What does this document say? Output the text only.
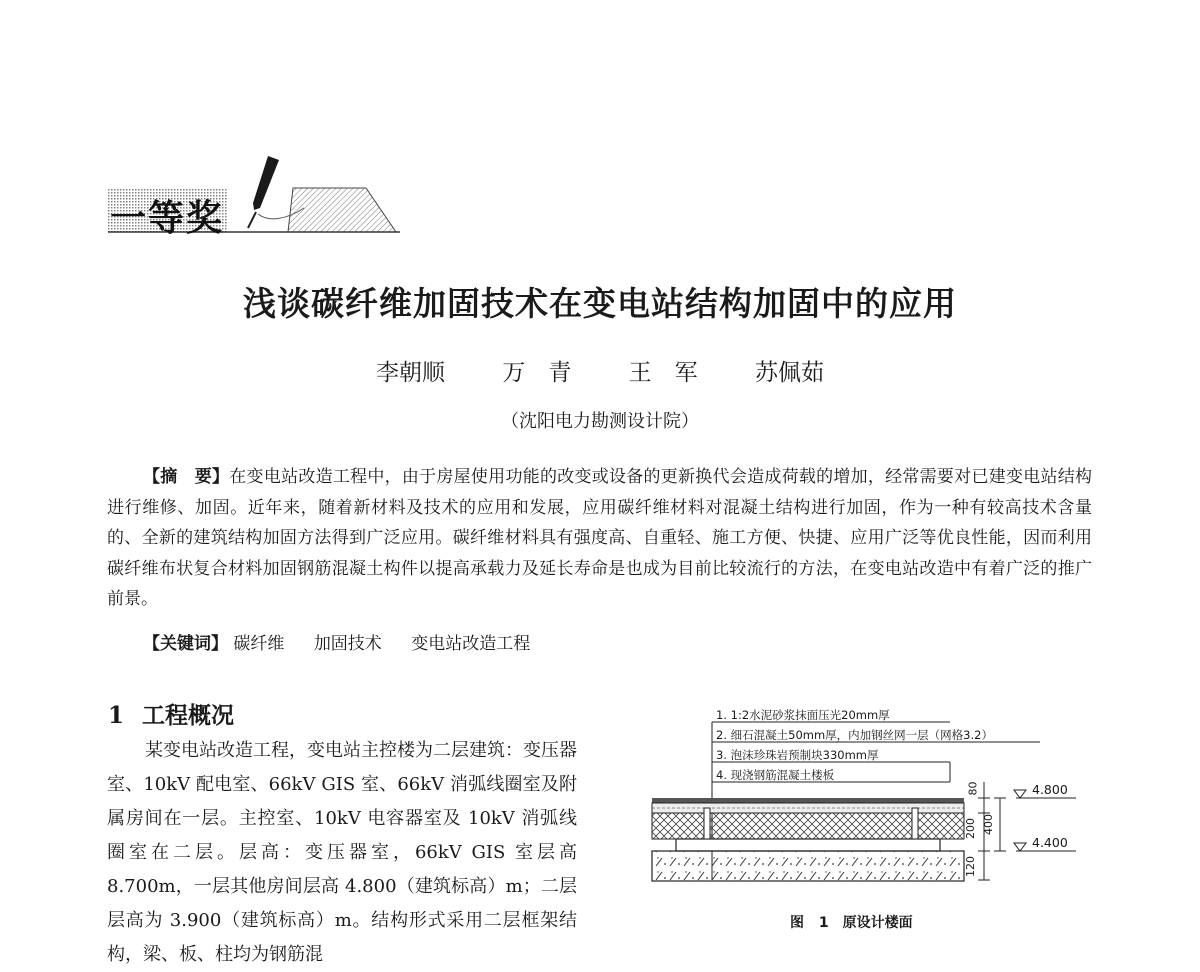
一等奖
浅谈碳纤维加固技术在变电站结构加固中的应用
李朝顺 万　青 王　军 苏佩茹
（沈阳电力勘测设计院）
【摘　要】在变电站改造工程中，由于房屋使用功能的改变或设备的更新换代会造成荷载的增加，经常需要对已建变电站结构进行维修、加固。近年来，随着新材料及技术的应用和发展，应用碳纤维材料对混凝土结构进行加固，作为一种有较高技术含量的、全新的建筑结构加固方法得到广泛应用。碳纤维材料具有强度高、自重轻、施工方便、快捷、应用广泛等优良性能，因而利用碳纤维布状复合材料加固钢筋混凝土构件以提高承载力及延长寿命是也成为目前比较流行的方法，在变电站改造中有着广泛的推广前景。
【关键词】 碳纤维 加固技术 变电站改造工程
1 工程概况
某变电站改造工程，变电站主控楼为二层建筑：变压器室、10kV 配电室、66kV GIS 室、66kV 消弧线圈室及附属房间在一层。主控室、10kV 电容器室及 10kV 消弧线圈室在二层。层高：变压器室，66kV GIS 室层高 8.700m，一层其他房间层高 4.800（建筑标高）m；二层层高为 3.900（建筑标高）m。结构形式采用二层框架结构，梁、板、柱均为钢筋混
1. 1:2水泥砂浆抹面压光20mm厚
2. 细石混凝土50mm厚，内加钢丝网一层（网格3.2）
3. 泡沫珍珠岩预制块330mm厚
4. 现浇钢筋混凝土楼板
80
200 400
120
4.800
4.400
图 1　原设计楼面
